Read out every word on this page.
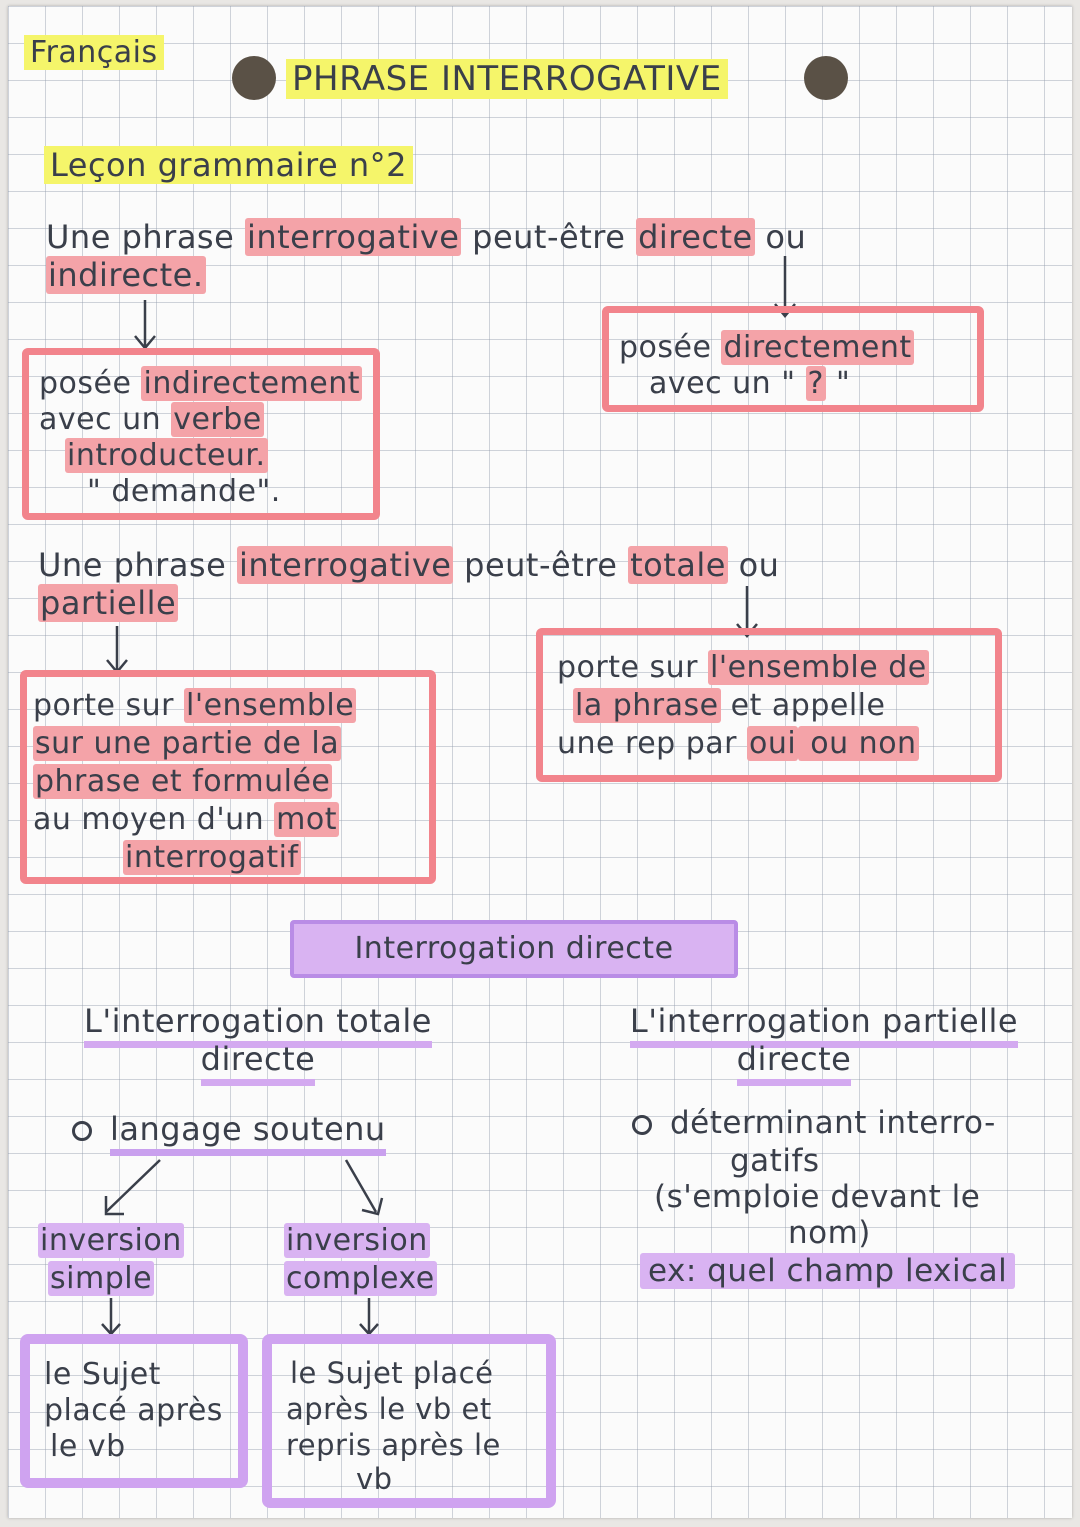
Français
PHRASE INTERROGATIVE
Leçon grammaire n°2
Une phrase interrogative peut-être directe ou
indirecte.
posée indirectement
avec un verbe
introducteur.
" demande".
posée directement
avec un " ? "
Une phrase interrogative peut-être totale ou
partielle
porte sur l'ensemble
sur une partie de la
phrase et formulée
au moyen d'un mot
interrogatif
porte sur l'ensemble de
la phrase et appelle
une rep par oui ou non
Interrogation directe
L'interrogation totale
directe
langage soutenu
inversion
simple
inversion
complexe
le Sujet
placé après
le vb
le Sujet placé
après le vb et
repris après le
vb
L'interrogation partielle
directe
déterminant interro-
gatifs
(s'emploie devant le
nom)
ex: quel champ lexical
